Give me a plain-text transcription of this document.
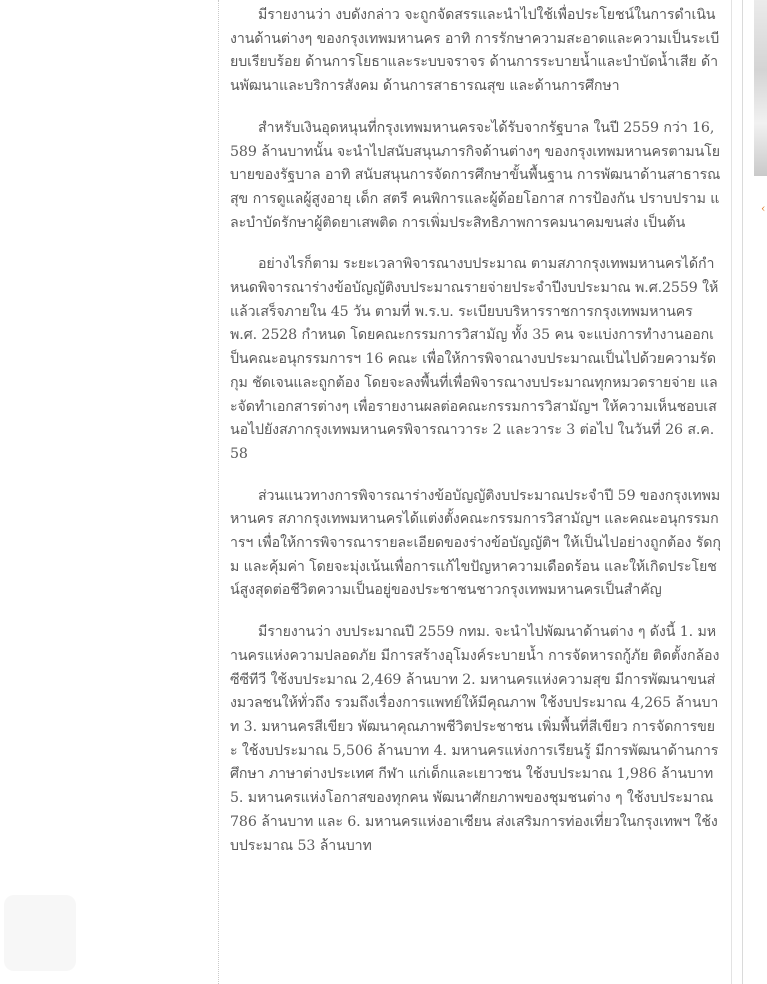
มีรายงานว่า งบดังกล่าว จะถูกจัดสรรและนำไปใช้เพื่อประโยชน์ในการดำเนินงานด้านต่างๆ ของกรุงเทพมหานคร อาทิ การรักษาความสะอาดและความเป็นระเบียบเรียบร้อย ด้านการโยธาและระบบจราจร ด้านการระบายน้ำและบำบัดน้ำเสีย ด้านพัฒนาและบริการสังคม ด้านการสาธารณสุข และด้านการศึกษา

สำหรับเงินอุดหนุนที่กรุงเทพมหานครจะได้รับจากรัฐบาล ในปี 2559 กว่า 16,589 ล้านบาทนั้น จะนำไปสนับสนุนภารกิจด้านต่างๆ ของกรุงเทพมหานครตามนโยบายของรัฐบาล อาทิ สนับสนุนการจัดการศึกษาขั้นพื้นฐาน การพัฒนาด้านสาธารณสุข การดูแลผู้สูงอายุ เด็ก สตรี คนพิการและผู้ด้อยโอกาส การป้องกัน ปราบปราม และบำบัดรักษาผู้ติดยาเสพติด การเพิ่มประสิทธิภาพการคมนาคมขนส่ง เป็นต้น

อย่างไรก็ตาม ระยะเวลาพิจารณางบประมาณ ตามสภากรุงเทพมหานครได้กำหนดพิจารณาร่างข้อบัญญัติงบประมาณรายจ่ายประจำปีงบประมาณ พ.ศ.2559 ให้แล้วเสร็จภายใน 45 วัน ตามที่ พ.ร.บ. ระเบียบบริหารราชการกรุงเทพมหานคร พ.ศ. 2528 กำหนด โดยคณะกรรมการวิสามัญ ทั้ง 35 คน จะแบ่งการทำงานออกเป็นคณะอนุกรรมการฯ 16 คณะ เพื่อให้การพิจาณางบประมาณเป็นไปด้วยความรัดกุม ชัดเจนและถูกต้อง โดยจะลงพื้นที่เพื่อพิจารณางบประมาณทุกหมวดรายจ่าย และจัดทำเอกสารต่างๆ เพื่อรายงานผลต่อคณะกรรมการวิสามัญฯ ให้ความเห็นชอบเสนอไปยังสภากรุงเทพมหานครพิจารณาวาระ 2 และวาระ 3 ต่อไป ในวันที่ 26 ส.ค.58

ส่วนแนวทางการพิจารณาร่างข้อบัญญัติงบประมาณประจำปี 59 ของกรุงเทพมหานคร สภากรุงเทพมหานครได้แต่งตั้งคณะกรรมการวิสามัญฯ และคณะอนุกรรมการฯ เพื่อให้การพิจารณารายละเอียดของร่างข้อบัญญัติฯ ให้เป็นไปอย่างถูกต้อง รัดกุม และคุ้มค่า โดยจะมุ่งเน้นเพื่อการแก้ไขปัญหาความเดือดร้อน และให้เกิดประโยชน์สูงสุดต่อชีวิตความเป็นอยู่ของประชาชนชาวกรุงเทพมหานครเป็นสำคัญ

มีรายงานว่า งบประมาณปี 2559 กทม. จะนำไปพัฒนาด้านต่าง ๆ ดังนี้ 1. มหานครแห่งความปลอดภัย มีการสร้างอุโมงค์ระบายน้ำ การจัดหารถกู้ภัย ติดตั้งกล้องซีซีทีวี ใช้งบประมาณ 2,469 ล้านบาท 2. มหานครแห่งความสุข มีการพัฒนาขนส่งมวลชนให้ทั่วถึง รวมถึงเรื่องการแพทย์ให้มีคุณภาพ ใช้งบประมาณ 4,265 ล้านบาท 3. มหานครสีเขียว พัฒนาคุณภาพชีวิตประชาชน เพิ่มพื้นที่สีเขียว การจัดการขยะ ใช้งบประมาณ 5,506 ล้านบาท 4. มหานครแห่งการเรียนรู้ มีการพัฒนาด้านการศึกษา ภาษาต่างประเทศ กีฬา แก่เด็กและเยาวชน ใช้งบประมาณ 1,986 ล้านบาท 5. มหานครแห่งโอกาสของทุกคน พัฒนาศักยภาพของชุมชนต่าง ๆ ใช้งบประมาณ 786 ล้านบาท และ 6. มหานครแห่งอาเซียน ส่งเสริมการท่องเที่ยวในกรุงเทพฯ ใช้งบประมาณ 53 ล้านบาท

‹
